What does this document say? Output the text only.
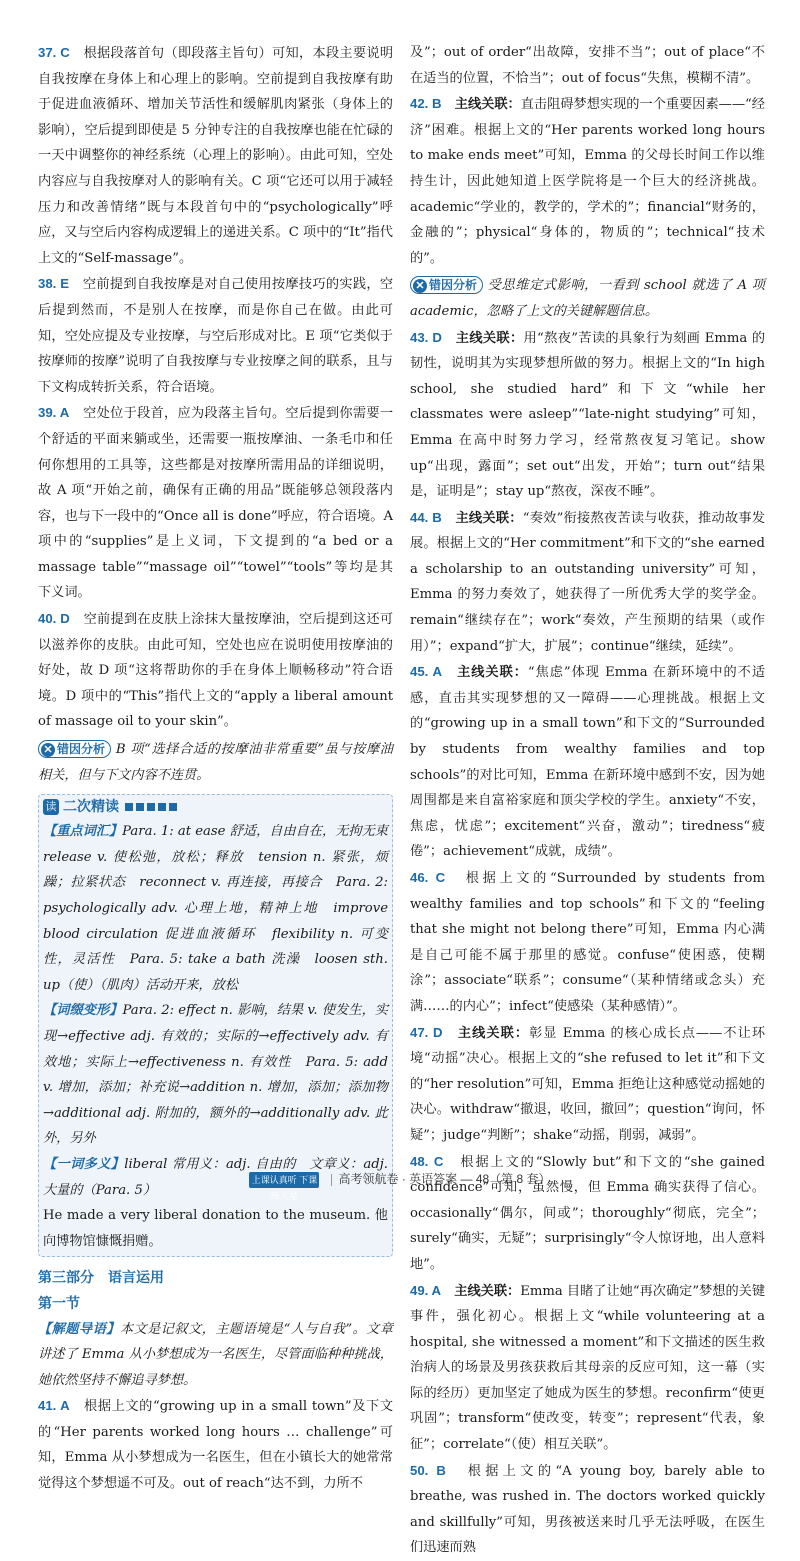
37. C　 根据段落首句（即段落主旨句）可知，本段主要说明自我按摩在身体上和心理上的影响。空前提到自我按摩有助于促进血液循环、增加关节活性和缓解肌肉紧张（身体上的影响），空后提到即使是 5 分钟专注的自我按摩也能在忙碌的一天中调整你的神经系统（心理上的影响）。由此可知，空处内容应与自我按摩对人的影响有关。C 项“它还可以用于减轻压力和改善情绪”既与本段首句中的“psychologically”呼应，又与空后内容构成逻辑上的递进关系。C 项中的“It”指代上文的“Self-massage”。

38. E　 空前提到自我按摩是对自己使用按摩技巧的实践，空后提到然而，不是别人在按摩，而是你自己在做。由此可知，空处应提及专业按摩，与空后形成对比。E 项“它类似于按摩师的按摩”说明了自我按摩与专业按摩之间的联系，且与下文构成转折关系，符合语境。

39. A　 空处位于段首，应为段落主旨句。空后提到你需要一个舒适的平面来躺或坐，还需要一瓶按摩油、一条毛巾和任何你想用的工具等，这些都是对按摩所需用品的详细说明，故 A 项“开始之前，确保有正确的用品”既能够总领段落内容，也与下一段中的“Once all is done”呼应，符合语境。A 项中的“supplies”是上义词，下文提到的“a bed or a massage table”“massage oil”“towel”“tools”等均是其下义词。

40. D　 空前提到在皮肤上涂抹大量按摩油，空后提到这还可以滋养你的皮肤。由此可知，空处也应在说明使用按摩油的好处，故 D 项“这将帮助你的手在身体上顺畅移动”符合语境。D 项中的“This”指代上文的“apply a liberal amount of massage oil to your skin”。

✕ 错因分析 B 项“选择合适的按摩油非常重要”虽与按摩油相关，但与下文内容不连贯。

读 二次精读

【重点词汇】Para. 1: at ease 舒适，自由自在，无拘无束　release v. 使松弛，放松；释放　tension n. 紧张，烦躁；拉紧状态　reconnect v. 再连接，再接合　Para. 2: psychologically adv. 心理上地，精神上地　improve blood circulation 促进血液循环　flexibility n. 可变性，灵活性　Para. 5: take a bath 洗澡　loosen sth. up（使）（肌肉）活动开来，放松

【词缀变形】Para. 2: effect n. 影响，结果 v. 使发生，实现→effective adj. 有效的；实际的→effectively adv. 有效地；实际上→effectiveness n. 有效性　Para. 5: add v. 增加，添加；补充说→addition n. 增加，添加；添加物→additional adj. 附加的，额外的→additionally adv. 此外，另外

【一词多义】liberal 常用义：adj. 自由的　文章义：adj. 大量的（Para. 5）

He made a very liberal donation to the museum. 他向博物馆慷慨捐赠。

第三部分　语言运用
第一节

【解题导语】本文是记叙文，主题语境是“人与自我”。文章讲述了 Emma 从小梦想成为一名医生，尽管面临种种挑战，她依然坚持不懈追寻梦想。

41. A　 根据上文的“growing up in a small town”及下文的“Her parents worked long hours … challenge”可知，Emma 从小梦想成为一名医生，但在小镇长大的她常常觉得这个梦想遥不可及。out of reach“达不到，力所不

及”；out of order“出故障，安排不当”；out of place“不在适当的位置，不恰当”；out of focus“失焦，模糊不清”。

42. B　 主线关联：直击阻碍梦想实现的一个重要因素——“经济”困难。根据上文的“Her parents worked long hours to make ends meet”可知，Emma 的父母长时间工作以维持生计，因此她知道上医学院将是一个巨大的经济挑战。academic“学业的，教学的，学术的”；financial“财务的，金融的”；physical“身体的，物质的”；technical“技术的”。

✕ 错因分析 受思维定式影响，一看到 school 就选了 A 项 academic，忽略了上文的关键解题信息。

43. D　 主线关联：用“熬夜”苦读的具象行为刻画 Emma 的韧性，说明其为实现梦想所做的努力。根据上文的“In high school, she studied hard”和下文“while her classmates were asleep”“late-night studying”可知，Emma 在高中时努力学习，经常熬夜复习笔记。show up“出现，露面”；set out“出发，开始”；turn out“结果是，证明是”；stay up“熬夜，深夜不睡”。

44. B　 主线关联：“奏效”衔接熬夜苦读与收获，推动故事发展。根据上文的“Her commitment”和下文的“she earned a scholarship to an outstanding university”可知，Emma 的努力奏效了，她获得了一所优秀大学的奖学金。remain“继续存在”；work“奏效，产生预期的结果（或作用）”；expand“扩大，扩展”；continue“继续，延续”。

45. A　 主线关联：“焦虑”体现 Emma 在新环境中的不适感，直击其实现梦想的又一障碍——心理挑战。根据上文的“growing up in a small town”和下文的“Surrounded by students from wealthy families and top schools”的对比可知，Emma 在新环境中感到不安，因为她周围都是来自富裕家庭和顶尖学校的学生。anxiety“不安，焦虑，忧虑”；excitement“兴奋，激动”；tiredness“疲倦”；achievement“成就，成绩”。

46. C　 根据上文的“Surrounded by students from wealthy families and top schools”和下文的“feeling that she might not belong there”可知，Emma 内心满是自己可能不属于那里的感觉。confuse“使困惑，使糊涂”；associate“联系”；consume“（某种情绪或念头）充满……的内心”；infect“使感染（某种感情）”。

47. D　 主线关联：彰显 Emma 的核心成长点——不让环境“动摇”决心。根据上文的“she refused to let it”和下文的“her resolution”可知，Emma 拒绝让这种感觉动摇她的决心。withdraw“撤退，收回，撤回”；question“询问，怀疑”；judge“判断”；shake“动摇，削弱，减弱”。

48. C　 根据上文的“Slowly but”和下文的“she gained confidence”可知，虽然慢，但 Emma 确实获得了信心。occasionally“偶尔，间或”；thoroughly“彻底，完全”；surely“确实，无疑”；surprisingly“令人惊讶地，出人意料地”。

49. A　 主线关联：Emma 目睹了让她“再次确定”梦想的关键事件，强化初心。根据上文“while volunteering at a hospital, she witnessed a moment”和下文描述的医生救治病人的场景及男孩获救后其母亲的反应可知，这一幕（实际的经历）更加坚定了她成为医生的梦想。reconfirm“使更巩固”；transform“使改变，转变”；represent“代表，象征”；correlate“（使）相互关联”。

50. B　 根据上文的“A young boy, barely able to breathe, was rushed in. The doctors worked quickly and skillfully”可知，男孩被送来时几乎无法呼吸，在医生们迅速而熟

上课认真听 下课练天星高考领航卷 · 英语答案 — 48（第 8 套）
